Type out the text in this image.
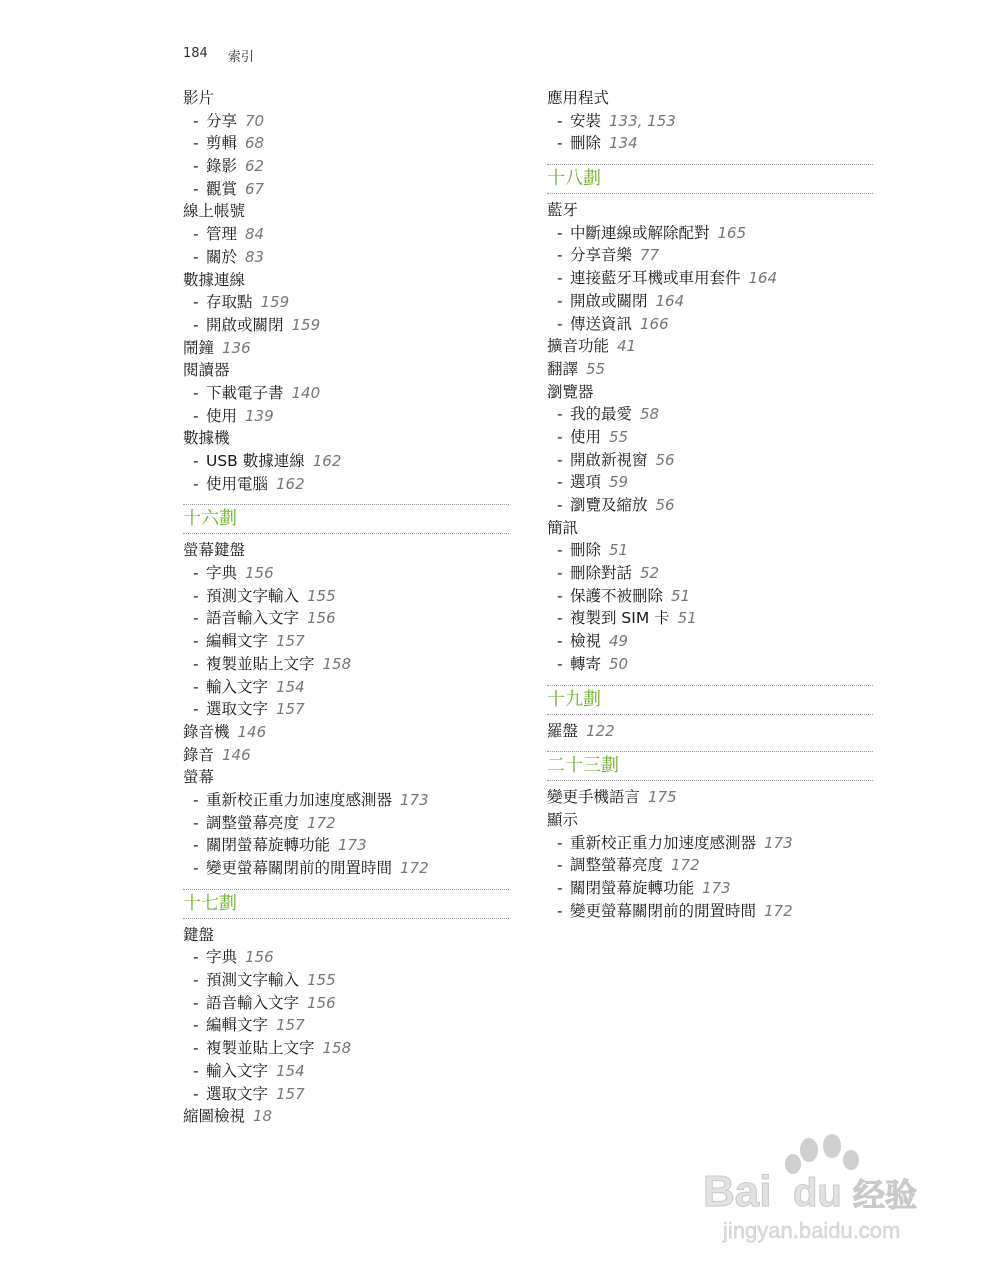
184 索引
影片
- 分享 70
- 剪輯 68
- 錄影 62
- 觀賞 67
線上帳號
- 管理 84
- 關於 83
數據連線
- 存取點 159
- 開啟或關閉 159
鬧鐘 136
閱讀器
- 下載電子書 140
- 使用 139
數據機
- USB 數據連線 162
- 使用電腦 162
十六劃
螢幕鍵盤
- 字典 156
- 預測文字輸入 155
- 語音輸入文字 156
- 編輯文字 157
- 複製並貼上文字 158
- 輸入文字 154
- 選取文字 157
錄音機 146
錄音 146
螢幕
- 重新校正重力加速度感測器 173
- 調整螢幕亮度 172
- 關閉螢幕旋轉功能 173
- 變更螢幕關閉前的閒置時間 172
十七劃
鍵盤
- 字典 156
- 預測文字輸入 155
- 語音輸入文字 156
- 編輯文字 157
- 複製並貼上文字 158
- 輸入文字 154
- 選取文字 157
縮圖檢視 18
應用程式
- 安裝 133, 153
- 刪除 134
十八劃
藍牙
- 中斷連線或解除配對 165
- 分享音樂 77
- 連接藍牙耳機或車用套件 164
- 開啟或關閉 164
- 傳送資訊 166
擴音功能 41
翻譯 55
瀏覽器
- 我的最愛 58
- 使用 55
- 開啟新視窗 56
- 選項 59
- 瀏覽及縮放 56
簡訊
- 刪除 51
- 刪除對話 52
- 保護不被刪除 51
- 複製到 SIM 卡 51
- 檢視 49
- 轉寄 50
十九劃
羅盤 122
二十三劃
變更手機語言 175
顯示
- 重新校正重力加速度感測器 173
- 調整螢幕亮度 172
- 關閉螢幕旋轉功能 173
- 變更螢幕關閉前的閒置時間 172
Bai du 经验
jingyan.baidu.com
